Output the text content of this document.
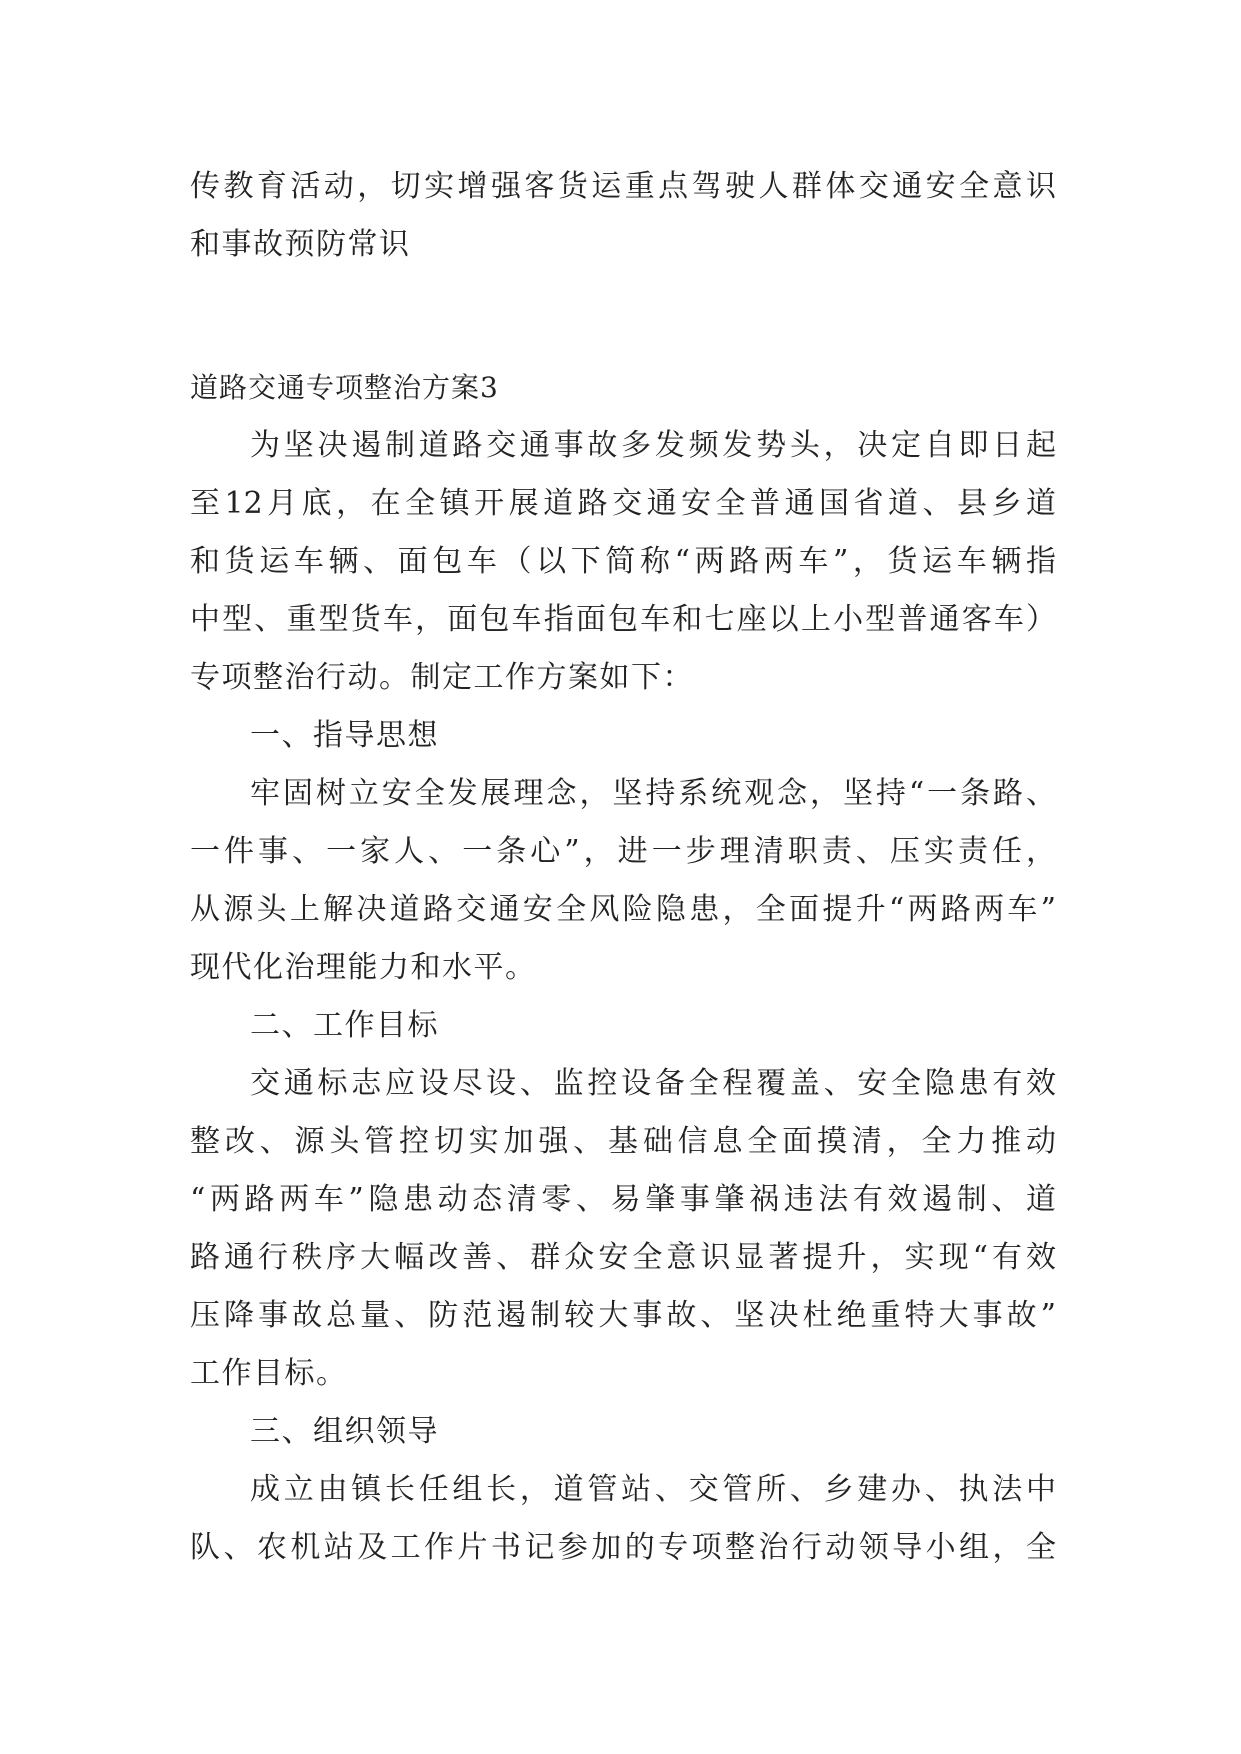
传教育活动，切实增强客货运重点驾驶人群体交通安全意识
和事故预防常识
道路交通专项整治方案3
为坚决遏制道路交通事故多发频发势头，决定自即日起
至12月底，在全镇开展道路交通安全普通国省道、县乡道
和货运车辆、面包车（以下简称“两路两车”，货运车辆指
中型、重型货车，面包车指面包车和七座以上小型普通客车）
专项整治行动。制定工作方案如下：
一、指导思想
牢固树立安全发展理念，坚持系统观念，坚持“一条路、
一件事、一家人、一条心”，进一步理清职责、压实责任，
从源头上解决道路交通安全风险隐患，全面提升“两路两车”
现代化治理能力和水平。
二、工作目标
交通标志应设尽设、监控设备全程覆盖、安全隐患有效
整改、源头管控切实加强、基础信息全面摸清，全力推动
“两路两车”隐患动态清零、易肇事肇祸违法有效遏制、道
路通行秩序大幅改善、群众安全意识显著提升，实现“有效
压降事故总量、防范遏制较大事故、坚决杜绝重特大事故”
工作目标。
三、组织领导
成立由镇长任组长，道管站、交管所、乡建办、执法中
队、农机站及工作片书记参加的专项整治行动领导小组，全
